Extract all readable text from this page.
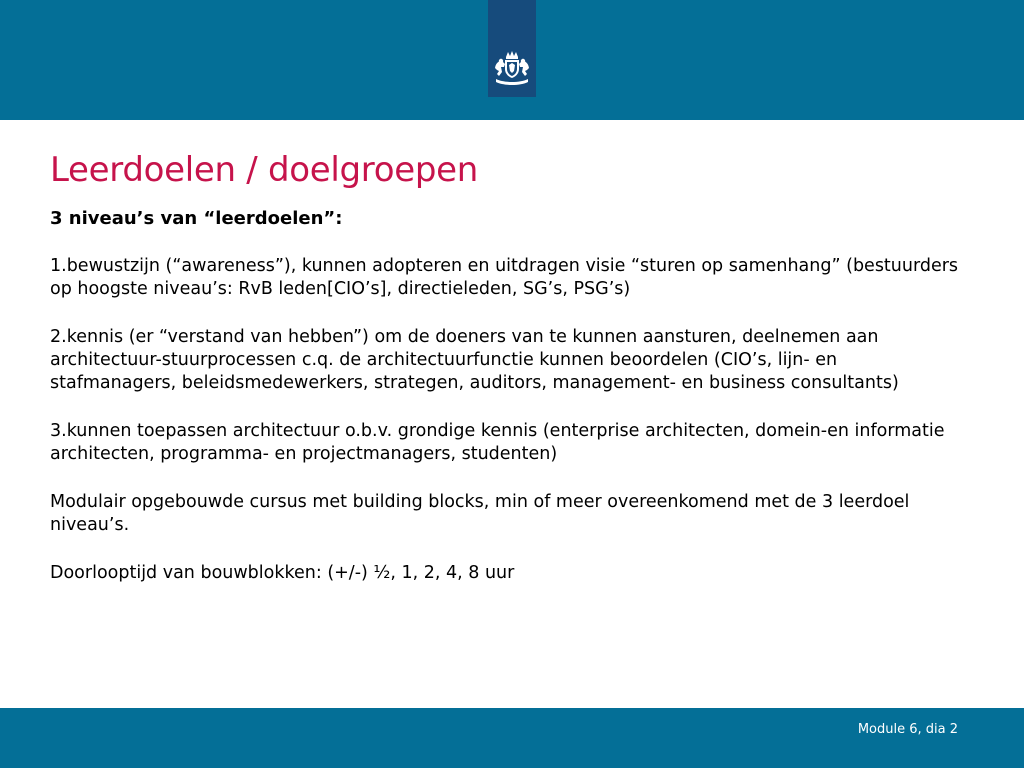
Leerdoelen / doelgroepen

3 niveau’s van “leerdoelen”:

1.bewustzijn (“awareness”), kunnen adopteren en uitdragen visie “sturen op samenhang” (bestuurders op hoogste niveau’s: RvB leden[CIO’s], directieleden, SG’s, PSG’s)

2.kennis (er “verstand van hebben”) om de doeners van te kunnen aansturen, deelnemen aan architectuur-stuurprocessen c.q. de architectuurfunctie kunnen beoordelen (CIO’s, lijn- en stafmanagers, beleidsmedewerkers, strategen, auditors, management- en business consultants)

3.kunnen toepassen architectuur o.b.v. grondige kennis (enterprise architecten, domein-en informatie architecten, programma- en projectmanagers, studenten)

Modulair opgebouwde cursus met building blocks, min of meer overeenkomend met de 3 leerdoel niveau’s.

Doorlooptijd van bouwblokken: (+/-) ½, 1, 2, 4, 8 uur

Module 6, dia 2
